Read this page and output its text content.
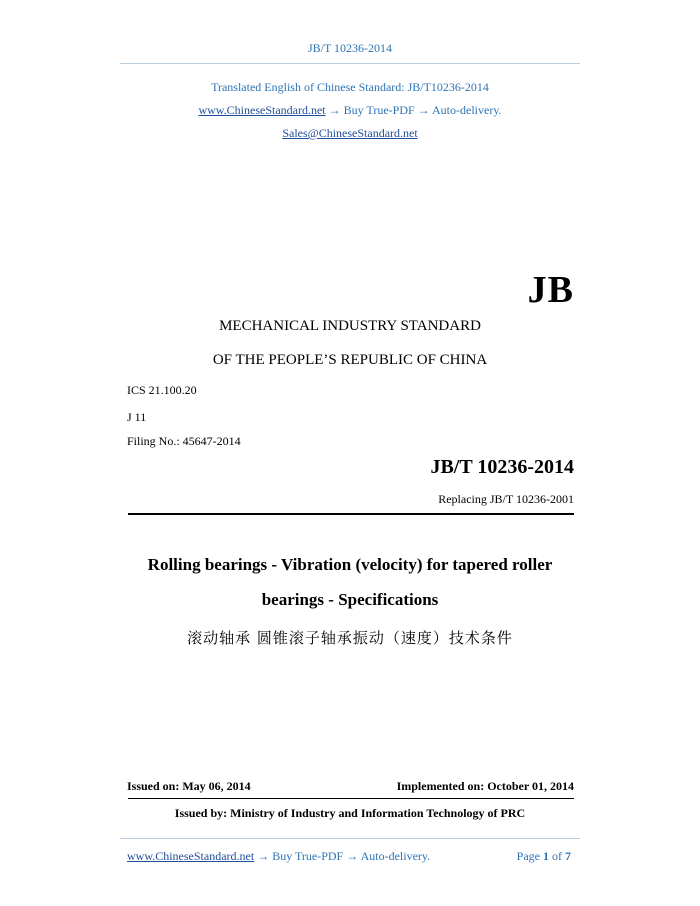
JB/T 10236-2014
Translated English of Chinese Standard: JB/T10236-2014
www.ChineseStandard.net → Buy True-PDF → Auto-delivery.
Sales@ChineseStandard.net
JB
MECHANICAL INDUSTRY STANDARD
OF THE PEOPLE’S REPUBLIC OF CHINA
ICS 21.100.20
J 11
Filing No.: 45647-2014
JB/T 10236-2014
Replacing JB/T 10236-2001
Rolling bearings - Vibration (velocity) for tapered roller
bearings - Specifications
滚动轴承 圆锥滚子轴承振动（速度）技术条件
Issued on: May 06, 2014	Implemented on: October 01, 2014
Issued by: Ministry of Industry and Information Technology of PRC
www.ChineseStandard.net → Buy True-PDF → Auto-delivery.	Page 1 of 7
